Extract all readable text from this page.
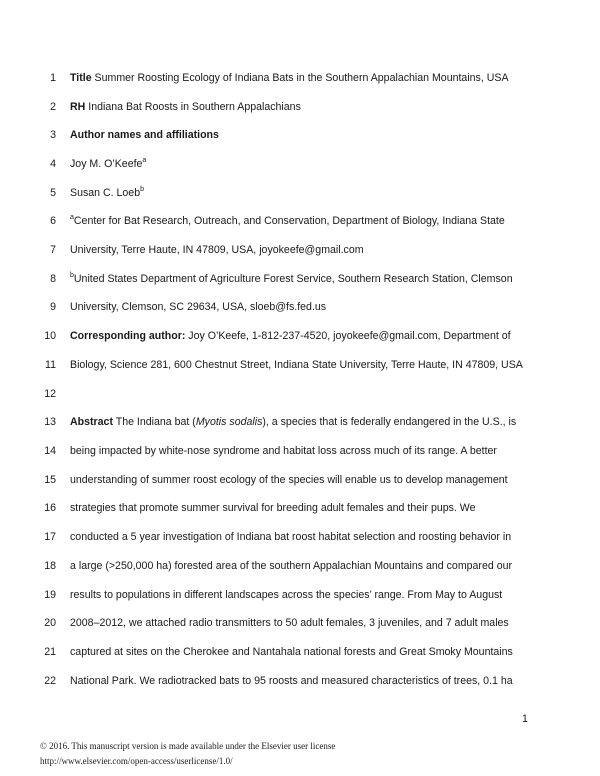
1 Title Summer Roosting Ecology of Indiana Bats in the Southern Appalachian Mountains, USA
2 RH Indiana Bat Roosts in Southern Appalachians
3 Author names and affiliations
4 Joy M. O’Keefe$^a$
5 Susan C. Loeb$^b$
6 $^a$Center for Bat Research, Outreach, and Conservation, Department of Biology, Indiana State
7 University, Terre Haute, IN 47809, USA, joyokeefe@gmail.com
8 $^b$United States Department of Agriculture Forest Service, Southern Research Station, Clemson
9 University, Clemson, SC 29634, USA, sloeb@fs.fed.us
10 Corresponding author: Joy O’Keefe, 1-812-237-4520, joyokeefe@gmail.com, Department of
11 Biology, Science 281, 600 Chestnut Street, Indiana State University, Terre Haute, IN 47809, USA
12
13 Abstract The Indiana bat (Myotis sodalis), a species that is federally endangered in the U.S., is
14 being impacted by white-nose syndrome and habitat loss across much of its range. A better
15 understanding of summer roost ecology of the species will enable us to develop management
16 strategies that promote summer survival for breeding adult females and their pups. We
17 conducted a 5 year investigation of Indiana bat roost habitat selection and roosting behavior in
18 a large (>250,000 ha) forested area of the southern Appalachian Mountains and compared our
19 results to populations in different landscapes across the species’ range. From May to August
20 2008–2012, we attached radio transmitters to 50 adult females, 3 juveniles, and 7 adult males
21 captured at sites on the Cherokee and Nantahala national forests and Great Smoky Mountains
22 National Park. We radiotracked bats to 95 roosts and measured characteristics of trees, 0.1 ha
1
© 2016. This manuscript version is made available under the Elsevier user license
http://www.elsevier.com/open-access/userlicense/1.0/
